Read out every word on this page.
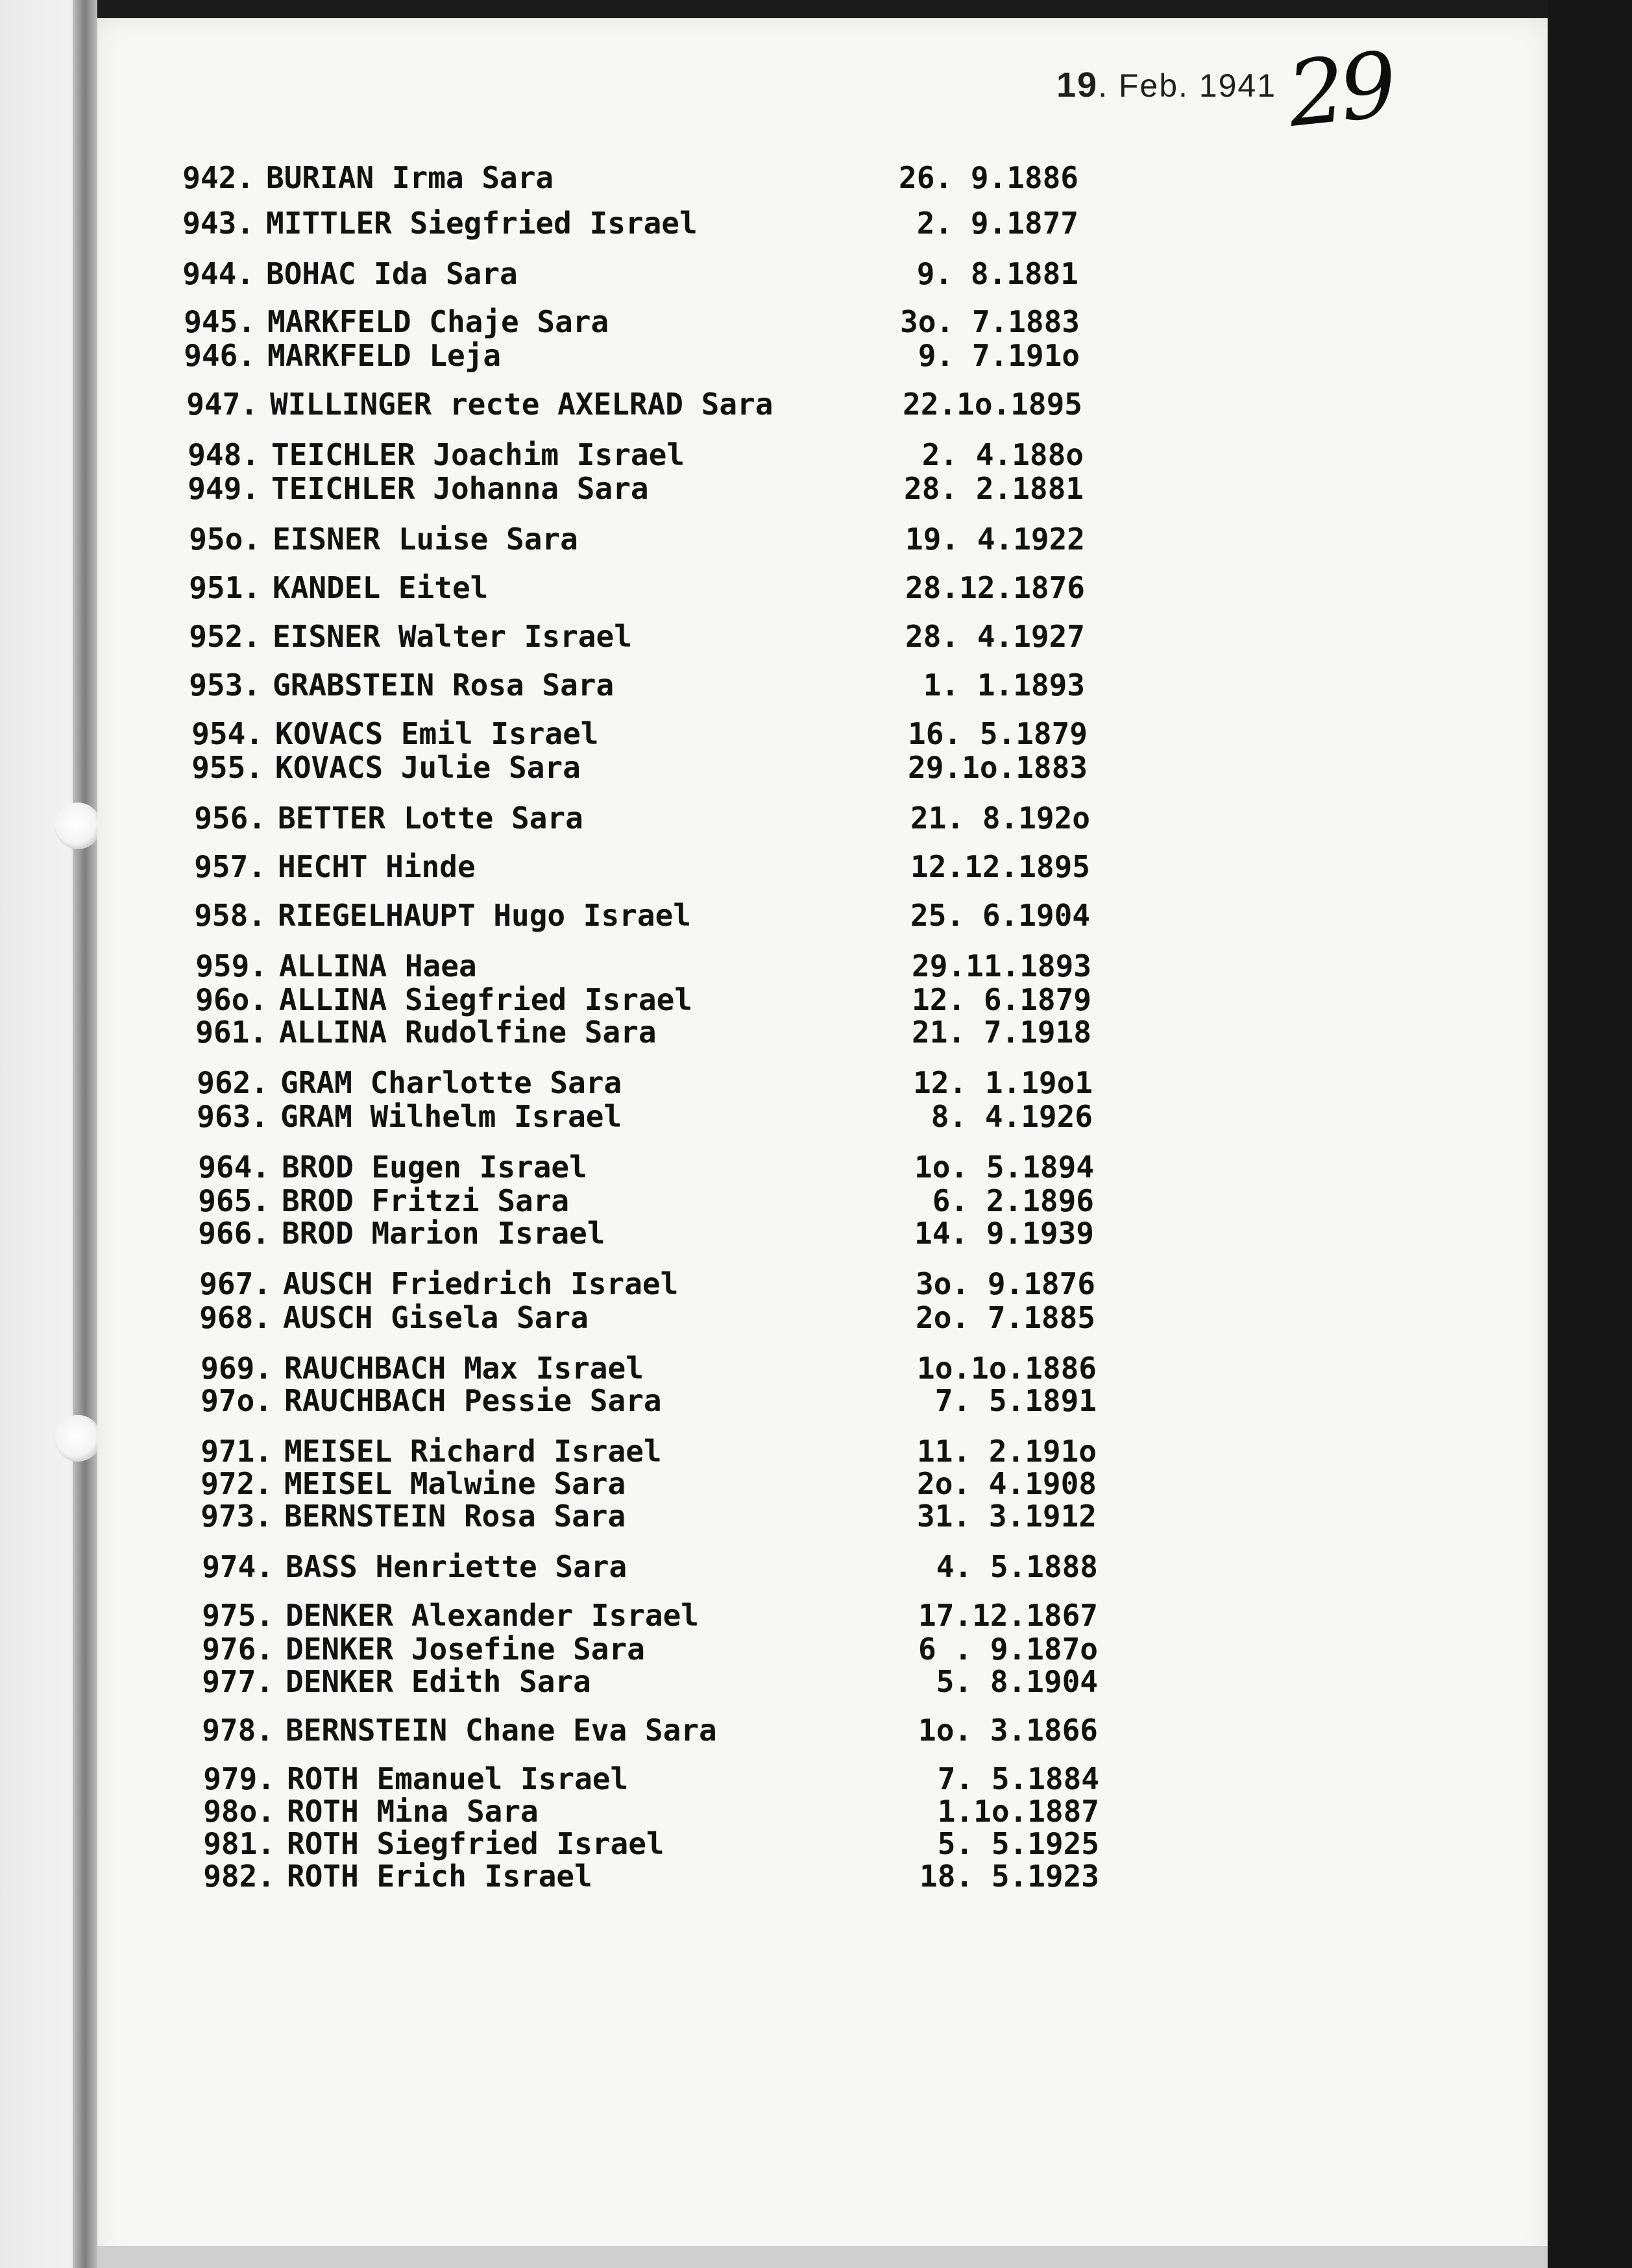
19. Feb. 1941 29
942. BURIAN Irma Sara	26. 9.1886
943. MITTLER Siegfried Israel	2. 9.1877
944. BOHAC Ida Sara	9. 8.1881
945. MARKFELD Chaje Sara	3o. 7.1883
946. MARKFELD Leja	9. 7.191o
947. WILLINGER recte AXELRAD Sara	22.1o.1895
948. TEICHLER Joachim Israel	2. 4.188o
949. TEICHLER Johanna Sara	28. 2.1881
95o. EISNER Luise Sara	19. 4.1922
951. KANDEL Eitel	28.12.1876
952. EISNER Walter Israel	28. 4.1927
953. GRABSTEIN Rosa Sara	1. 1.1893
954. KOVACS Emil Israel	16. 5.1879
955. KOVACS Julie Sara	29.1o.1883
956. BETTER Lotte Sara	21. 8.192o
957. HECHT Hinde	12.12.1895
958. RIEGELHAUPT Hugo Israel	25. 6.1904
959. ALLINA Haea	29.11.1893
96o. ALLINA Siegfried Israel	12. 6.1879
961. ALLINA Rudolfine Sara	21. 7.1918
962. GRAM Charlotte Sara	12. 1.19o1
963. GRAM Wilhelm Israel	8. 4.1926
964. BROD Eugen Israel	1o. 5.1894
965. BROD Fritzi Sara	6. 2.1896
966. BROD Marion Israel	14. 9.1939
967. AUSCH Friedrich Israel	3o. 9.1876
968. AUSCH Gisela Sara	2o. 7.1885
969. RAUCHBACH Max Israel	1o.1o.1886
97o. RAUCHBACH Pessie Sara	7. 5.1891
971. MEISEL Richard Israel	11. 2.191o
972. MEISEL Malwine Sara	2o. 4.1908
973. BERNSTEIN Rosa Sara	31. 3.1912
974. BASS Henriette Sara	4. 5.1888
975. DENKER Alexander Israel	17.12.1867
976. DENKER Josefine Sara	6 . 9.187o
977. DENKER Edith Sara	5. 8.1904
978. BERNSTEIN Chane Eva Sara	1o. 3.1866
979. ROTH Emanuel Israel	7. 5.1884
98o. ROTH Mina Sara	1.1o.1887
981. ROTH Siegfried Israel	5. 5.1925
982. ROTH Erich Israel	18. 5.1923
